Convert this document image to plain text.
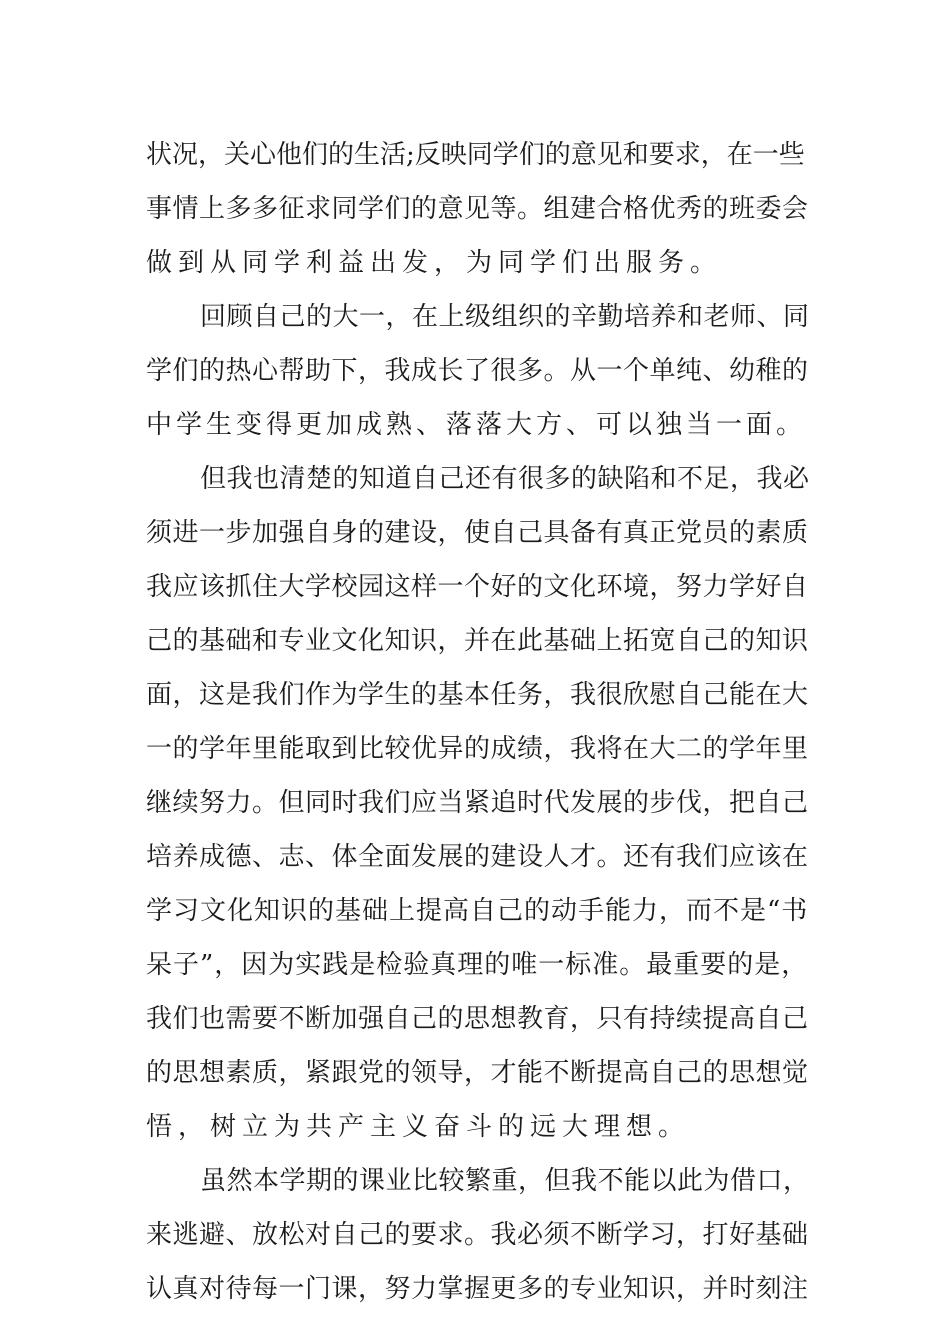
状况，关心他们的生活;反映同学们的意见和要求，在一些
事情上多多征求同学们的意见等。组建合格优秀的班委会
做到从同学利益出发，为同学们出服务。
回顾自己的大一，在上级组织的辛勤培养和老师、同
学们的热心帮助下，我成长了很多。从一个单纯、幼稚的
中学生变得更加成熟、落落大方、可以独当一面。
但我也清楚的知道自己还有很多的缺陷和不足，我必
须进一步加强自身的建设，使自己具备有真正党员的素质
我应该抓住大学校园这样一个好的文化环境，努力学好自
己的基础和专业文化知识，并在此基础上拓宽自己的知识
面，这是我们作为学生的基本任务，我很欣慰自己能在大
一的学年里能取到比较优异的成绩，我将在大二的学年里
继续努力。但同时我们应当紧追时代发展的步伐，把自己
培养成德、志、体全面发展的建设人才。还有我们应该在
学习文化知识的基础上提高自己的动手能力，而不是“书
呆子”，因为实践是检验真理的唯一标准。最重要的是，
我们也需要不断加强自己的思想教育，只有持续提高自己
的思想素质，紧跟党的领导，才能不断提高自己的思想觉
悟，树立为共产主义奋斗的远大理想。
虽然本学期的课业比较繁重，但我不能以此为借口，
来逃避、放松对自己的要求。我必须不断学习，打好基础
认真对待每一门课，努力掌握更多的专业知识，并时刻注
